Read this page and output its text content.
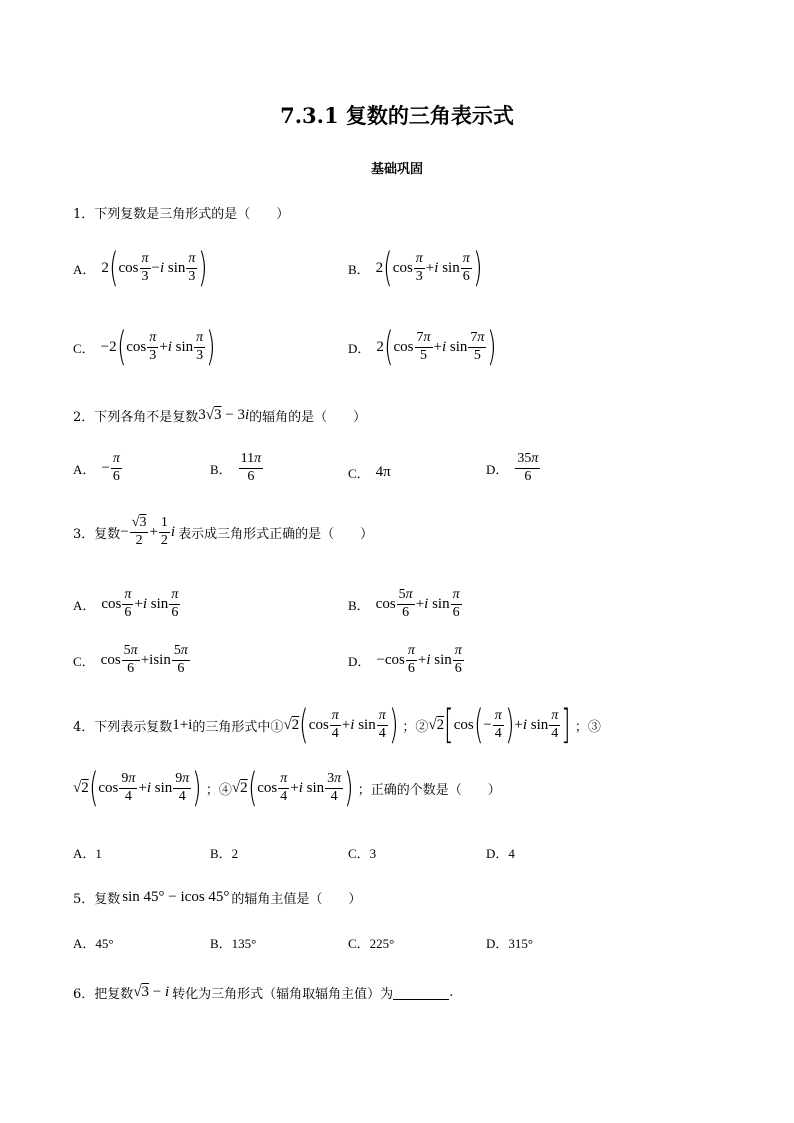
7.3.1 复数的三角表示式
基础巩固
1．下列复数是三角形式的是（　　）
A． 2 ( $\cos \frac{\pi}{3} -i$ $\sin \frac{\pi}{3}$ )	B． 2 ( $\cos \frac{\pi}{3} +i$ $\sin \frac{\pi}{6}$ )
C． −2 ( $\cos \frac{\pi}{3} +i$ $\sin \frac{\pi}{3}$ )	D． 2 ( $\cos \frac{7\pi}{5} +i$ $\sin \frac{7\pi}{5}$ )
2．下列各角不是复数 3√3 − 3i 的辐角的是（　　）
A． − $\frac{\pi}{6}$	B． $\frac{11\pi}{6}$	C． 4π	D． $\frac{35\pi}{6}$
3．复数 − $\frac{√3}{2} + \frac{1}{2}$ i 表示成三角形式正确的是（　　）
A． $\cos \frac{\pi}{6} +i$ $\sin \frac{\pi}{6}$	B． $\cos \frac{5\pi}{6} +i$ $\sin \frac{\pi}{6}$
C． $\cos \frac{5\pi}{6} +isin \frac{5\pi}{6}$	D． $-\cos \frac{\pi}{6} +i$ $\sin \frac{\pi}{6}$
4．下列表示复数 1+i 的三角形式中① √2 ( $\cos \frac{\pi}{4} +i$ $\sin \frac{\pi}{4}$ ) ；② √2 [ cos ( − $\frac{\pi}{4}$ ) +i $\sin \frac{\pi}{4}$ ] ；③
√2 ( $\cos \frac{9\pi}{4} +i$ $\sin \frac{9\pi}{4}$ ) ；④ √2 ( $\cos \frac{\pi}{4} +i$ $\sin \frac{3\pi}{4}$ ) ；正确的个数是（　　）
A．1	B．2	C．3	D．4
5．复数 sin 45° − icos 45° 的辐角主值是（　　）
A．45°	B．135°	C．225°	D．315°
6．把复数 √3 − i 转化为三角形式（辐角取辐角主值）为	.
